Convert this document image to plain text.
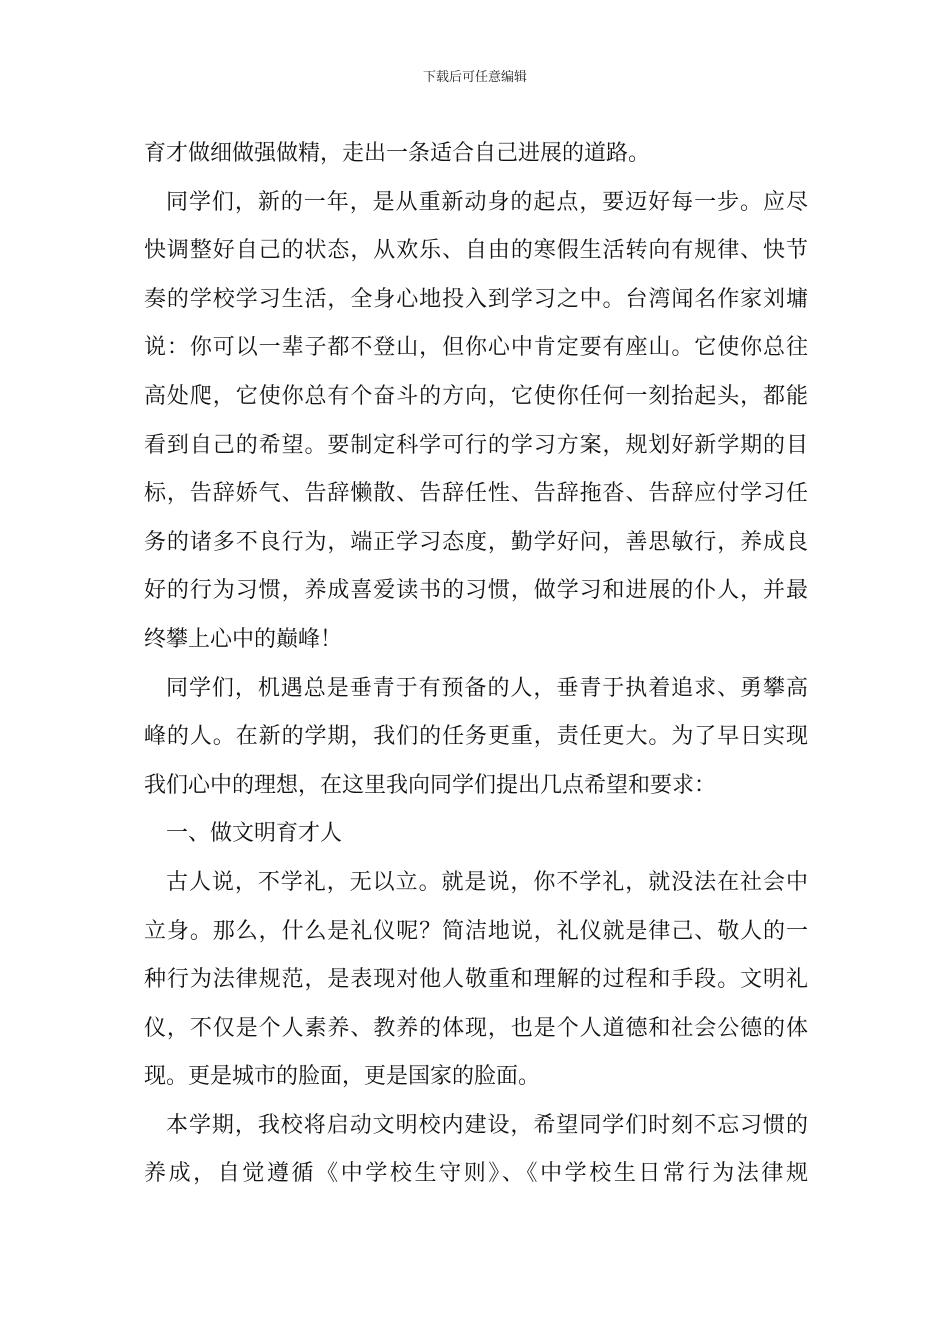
下载后可任意编辑
育才做细做强做精，走出一条适合自己进展的道路。
同学们，新的一年，是从重新动身的起点，要迈好每一步。应尽
快调整好自己的状态，从欢乐、自由的寒假生活转向有规律、快节
奏的学校学习生活，全身心地投入到学习之中。台湾闻名作家刘墉
说：你可以一辈子都不登山，但你心中肯定要有座山。它使你总往
高处爬，它使你总有个奋斗的方向，它使你任何一刻抬起头，都能
看到自己的希望。要制定科学可行的学习方案，规划好新学期的目
标，告辞娇气、告辞懒散、告辞任性、告辞拖沓、告辞应付学习任
务的诸多不良行为，端正学习态度，勤学好问，善思敏行，养成良
好的行为习惯，养成喜爱读书的习惯，做学习和进展的仆人，并最
终攀上心中的巅峰！
同学们，机遇总是垂青于有预备的人，垂青于执着追求、勇攀高
峰的人。在新的学期，我们的任务更重，责任更大。为了早日实现
我们心中的理想，在这里我向同学们提出几点希望和要求：
一、做文明育才人
古人说，不学礼，无以立。就是说，你不学礼，就没法在社会中
立身。那么，什么是礼仪呢？简洁地说，礼仪就是律己、敬人的一
种行为法律规范，是表现对他人敬重和理解的过程和手段。文明礼
仪，不仅是个人素养、教养的体现，也是个人道德和社会公德的体
现。更是城市的脸面，更是国家的脸面。
本学期，我校将启动文明校内建设，希望同学们时刻不忘习惯的
养成，自觉遵循《中学校生守则》、《中学校生日常行为法律规
